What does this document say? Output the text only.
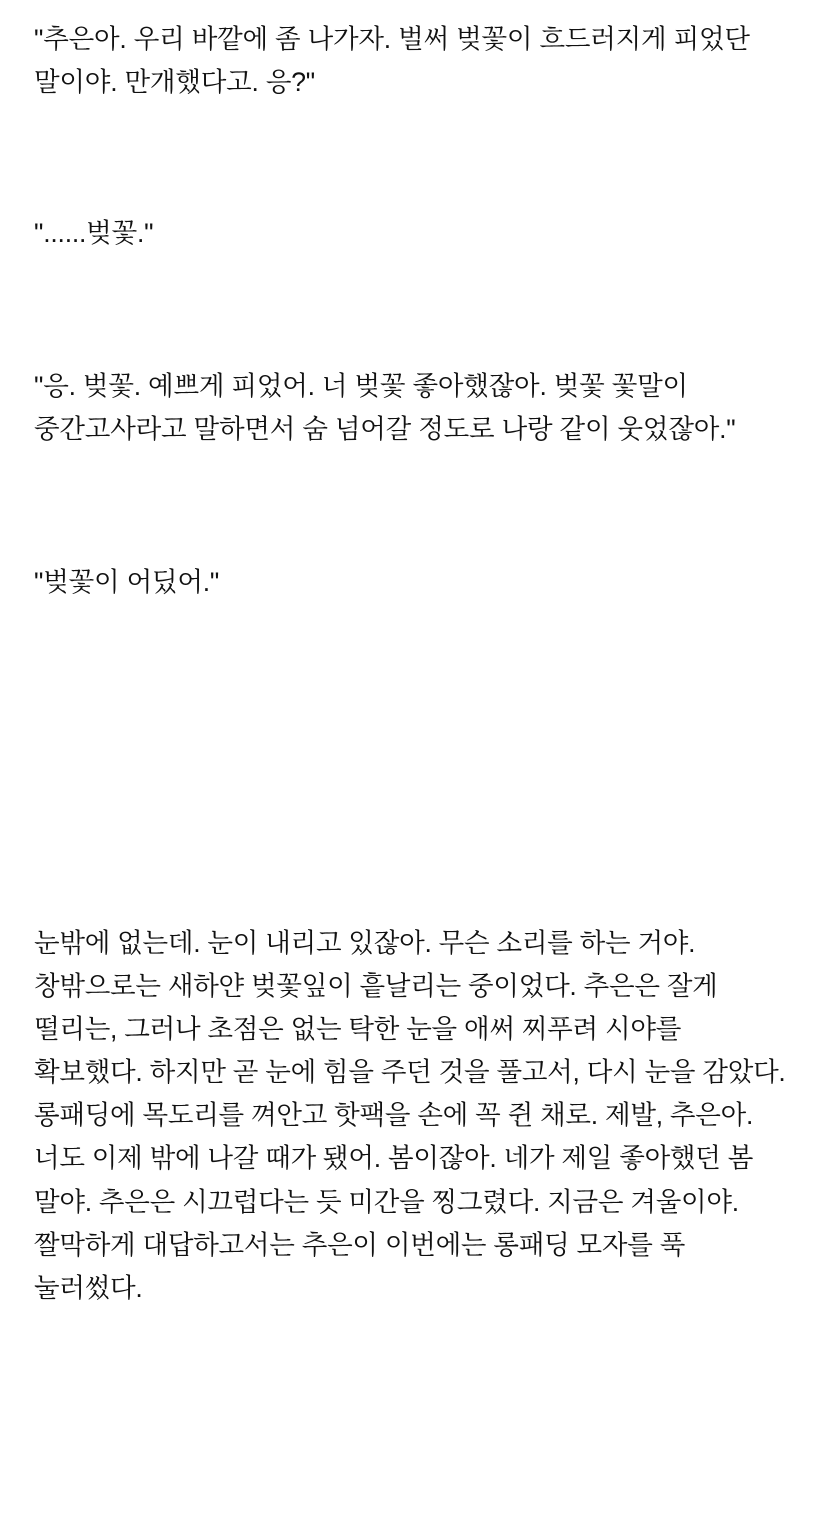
"추은아. 우리 바깥에 좀 나가자. 벌써 벚꽃이 흐드러지게 피었단 말이야. 만개했다고. 응?"

"......벚꽃."

"응. 벚꽃. 예쁘게 피었어. 너 벚꽃 좋아했잖아. 벚꽃 꽃말이 중간고사라고 말하면서 숨 넘어갈 정도로 나랑 같이 웃었잖아."

"벚꽃이 어딨어."

눈밖에 없는데. 눈이 내리고 있잖아. 무슨 소리를 하는 거야. 창밖으로는 새하얀 벚꽃잎이 흩날리는 중이었다. 추은은 잘게 떨리는, 그러나 초점은 없는 탁한 눈을 애써 찌푸려 시야를 확보했다. 하지만 곧 눈에 힘을 주던 것을 풀고서, 다시 눈을 감았다. 롱패딩에 목도리를 껴안고 핫팩을 손에 꼭 쥔 채로. 제발, 추은아. 너도 이제 밖에 나갈 때가 됐어. 봄이잖아. 네가 제일 좋아했던 봄 말야. 추은은 시끄럽다는 듯 미간을 찡그렸다. 지금은 겨울이야. 짤막하게 대답하고서는 추은이 이번에는 롱패딩 모자를 푹 눌러썼다.
